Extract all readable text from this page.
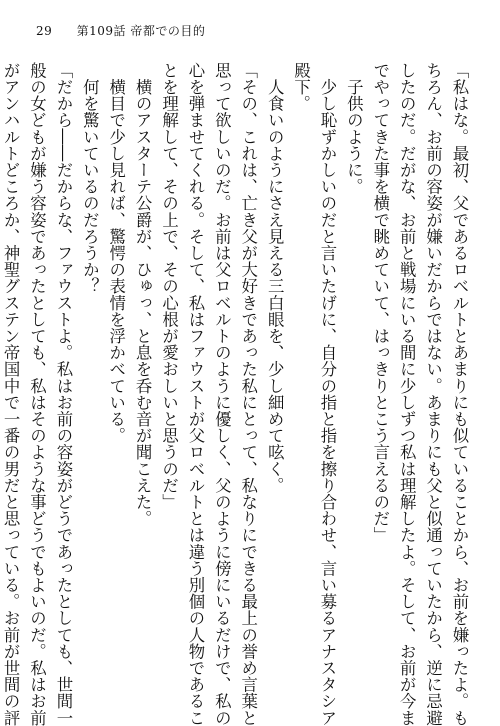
29 第109話 帝都での目的
「私はな。最初、父であるロベルトとあまりにも似ていることから、お前を嫌ったよ。も
ちろん、お前の容姿が嫌いだからではない。あまりにも父と似通っていたから、逆に忌避
したのだ。だがな、お前と戦場にいる間に少しずつ私は理解したよ。そして、お前が今ま
でやってきた事を横で眺めていて、はっきりとこう言えるのだ」
　子供のように。
　少し恥ずかしいのだと言いたげに、自分の指と指を擦り合わせ、言い募るアナスタシア
殿下。
　人食いのようにさえ見える三白眼を、少し細めて呟く。
「その、これは、亡き父が大好きであった私にとって、私なりにできる最上の誉め言葉と
思って欲しいのだ。お前は父ロベルトのように優しく、父のように傍にいるだけで、私の
心を弾ませてくれる。そして、私はファウストが父ロベルトとは違う別個の人物であるこ
とを理解して、その上で、その心根が愛おしいと思うのだ」
　横のアスターテ公爵が、ひゅっ、と息を呑む音が聞こえた。
　横目で少し見れば、驚愕の表情を浮かべている。
　何を驚いているのだろうか？
「だから――だからな、ファウストよ。私はお前の容姿がどうであったとしても、世間一
般の女どもが嫌う容姿であったとしても、私はそのような事どうでもよいのだ。私はお前
がアンハルトどころか、神聖グステン帝国中で一番の男だと思っている。お前が世間の評
